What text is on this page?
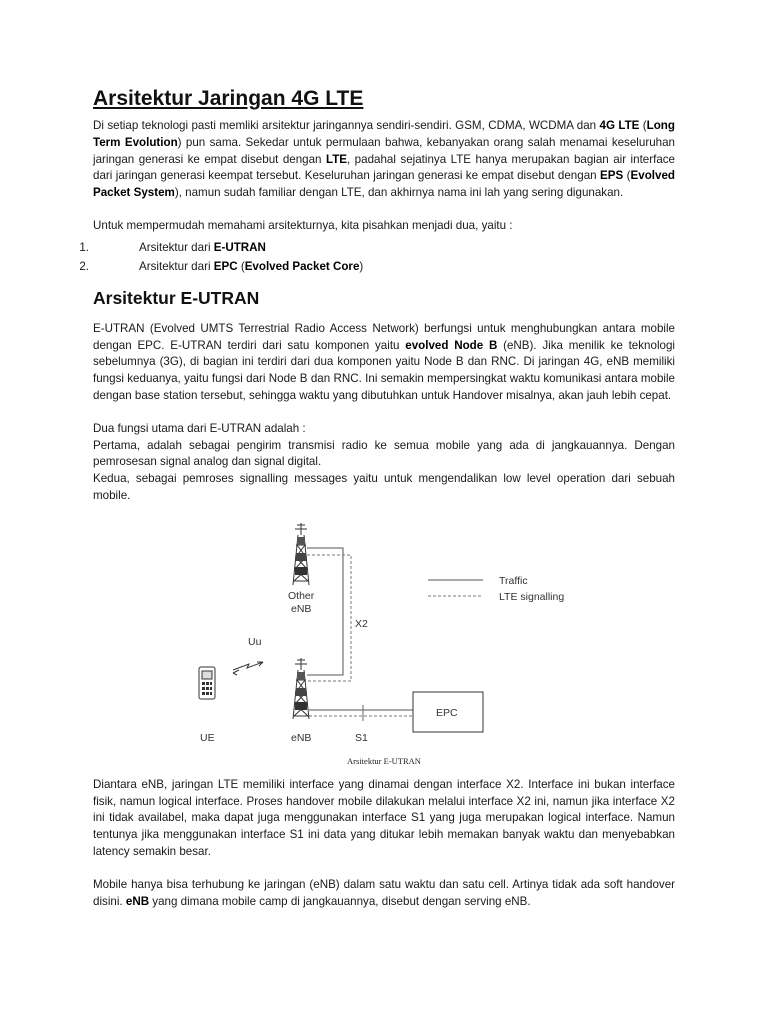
Arsitektur Jaringan 4G LTE

Di setiap teknologi pasti memliki arsitektur jaringannya sendiri-sendiri. GSM, CDMA, WCDMA dan 4G LTE (Long Term Evolution) pun sama. Sekedar untuk permulaan bahwa, kebanyakan orang salah menamai keseluruhan jaringan generasi ke empat disebut dengan LTE, padahal sejatinya LTE hanya merupakan bagian air interface dari jaringan generasi keempat tersebut. Keseluruhan jaringan generasi ke empat disebut dengan EPS (Evolved Packet System), namun sudah familiar dengan LTE, dan akhirnya nama ini lah yang sering digunakan.

Untuk mempermudah memahami arsitekturnya, kita pisahkan menjadi dua, yaitu :

1.	Arsitektur dari E-UTRAN
2.	Arsitektur dari EPC (Evolved Packet Core)
Arsitektur E-UTRAN

E-UTRAN (Evolved UMTS Terrestrial Radio Access Network) berfungsi untuk menghubungkan antara mobile dengan EPC. E-UTRAN terdiri dari satu komponen yaitu evolved Node B (eNB). Jika menilik ke teknologi sebelumnya (3G), di bagian ini terdiri dari dua komponen yaitu Node B dan RNC. Di jaringan 4G, eNB memiliki fungsi keduanya, yaitu fungsi dari Node B dan RNC. Ini semakin mempersingkat waktu komunikasi antara mobile dengan base station tersebut, sehingga waktu yang dibutuhkan untuk Handover misalnya, akan jauh lebih cepat.

Dua fungsi utama dari E-UTRAN adalah :

Pertama, adalah sebagai pengirim transmisi radio ke semua mobile yang ada di jangkauannya. Dengan pemrosesan signal analog dan signal digital.

Kedua, sebagai pemroses signalling messages yaitu untuk mengendalikan low level operation dari sebuah mobile.

Other
eNB
eNB
X2
S1
EPC
Traffic
LTE signalling
Uu
UE
Arsitektur E-UTRAN

Diantara eNB, jaringan LTE memiliki interface yang dinamai dengan interface X2. Interface ini bukan interface fisik, namun logical interface. Proses handover mobile dilakukan melalui interface X2 ini, namun jika interface X2 ini tidak availabel, maka dapat juga menggunakan interface S1 yang juga merupakan logical interface. Namun tentunya jika menggunakan interface S1 ini data yang ditukar lebih memakan banyak waktu dan menyebabkan latency semakin besar.

Mobile hanya bisa terhubung ke jaringan (eNB) dalam satu waktu dan satu cell. Artinya tidak ada soft handover disini. eNB yang dimana mobile camp di jangkauannya, disebut dengan serving eNB.
